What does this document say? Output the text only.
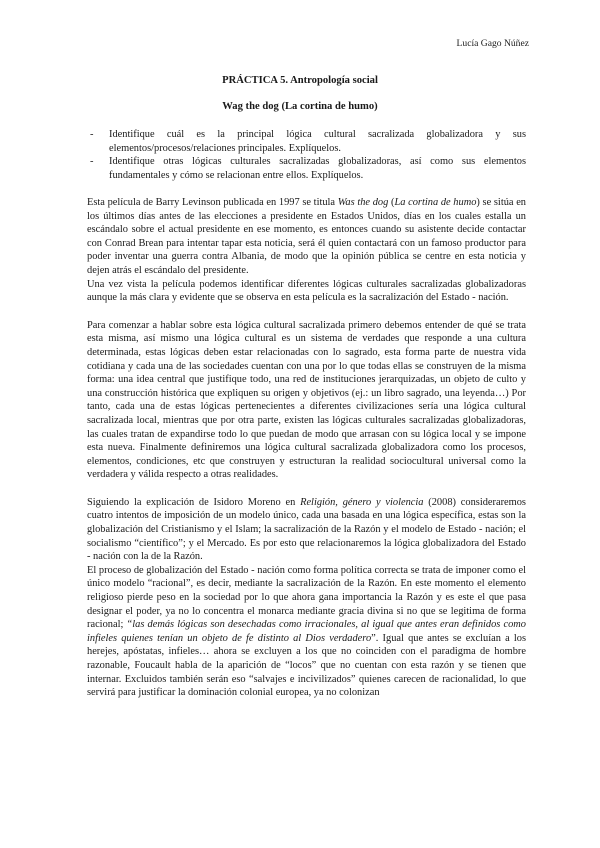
Lucía Gago Núñez
PRÁCTICA 5. Antropología social
Wag the dog (La cortina de humo)
- Identifique cuál es la principal lógica cultural sacralizada globalizadora y sus elementos/procesos/relaciones principales. Explíquelos.
- Identifique otras lógicas culturales sacralizadas globalizadoras, así como sus elementos fundamentales y cómo se relacionan entre ellos. Explíquelos.

Esta película de Barry Levinson publicada en 1997 se titula Was the dog (La cortina de humo) se sitúa en los últimos días antes de las elecciones a presidente en Estados Unidos, días en los cuales estalla un escándalo sobre el actual presidente en ese momento, es entonces cuando su asistente decide contactar con Conrad Brean para intentar tapar esta noticia, será él quien contactará con un famoso productor para poder inventar una guerra contra Albania, de modo que la opinión pública se centre en esta noticia y dejen atrás el escándalo del presidente.

Una vez vista la película podemos identificar diferentes lógicas culturales sacralizadas globalizadoras aunque la más clara y evidente que se observa en esta película es la sacralización del Estado - nación.

Para comenzar a hablar sobre esta lógica cultural sacralizada primero debemos entender de qué se trata esta misma, así mismo una lógica cultural es un sistema de verdades que responde a una cultura determinada, estas lógicas deben estar relacionadas con lo sagrado, esta forma parte de nuestra vida cotidiana y cada una de las sociedades cuentan con una por lo que todas ellas se construyen de la misma forma: una idea central que justifique todo, una red de instituciones jerarquizadas, un objeto de culto y una construcción histórica que expliquen su origen y objetivos (ej.: un libro sagrado, una leyenda…) Por tanto, cada una de estas lógicas pertenecientes a diferentes civilizaciones sería una lógica cultural sacralizada local, mientras que por otra parte, existen las lógicas culturales sacralizadas globalizadoras, las cuales tratan de expandirse todo lo que puedan de modo que arrasan con su lógica local y se impone esta nueva. Finalmente definiremos una lógica cultural sacralizada globalizadora como los procesos, elementos, condiciones, etc que construyen y estructuran la realidad sociocultural universal como la verdadera y válida respecto a otras realidades.

Siguiendo la explicación de Isidoro Moreno en Religión, género y violencia (2008) consideraremos cuatro intentos de imposición de un modelo único, cada una basada en una lógica específica, estas son la globalización del Cristianismo y el Islam; la sacralización de la Razón y el modelo de Estado - nación; el socialismo “científico”; y el Mercado. Es por esto que relacionaremos la lógica globalizadora del Estado - nación con la de la Razón.

El proceso de globalización del Estado - nación como forma política correcta se trata de imponer como el único modelo “racional”, es decir, mediante la sacralización de la Razón. En este momento el elemento religioso pierde peso en la sociedad por lo que ahora gana importancia la Razón y es este el que pasa designar el poder, ya no lo concentra el monarca mediante gracia divina si no que se legitima de forma racional; “las demás lógicas son desechadas como irracionales, al igual que antes eran definidos como infieles quienes tenían un objeto de fe distinto al Dios verdadero”. Igual que antes se excluían a los herejes, apóstatas, infieles… ahora se excluyen a los que no coinciden con el paradigma de hombre razonable, Foucault habla de la aparición de “locos” que no cuentan con esta razón y se tienen que internar. Excluidos también serán eso “salvajes e incivilizados” quienes carecen de racionalidad, lo que servirá para justificar la dominación colonial europea, ya no colonizan
